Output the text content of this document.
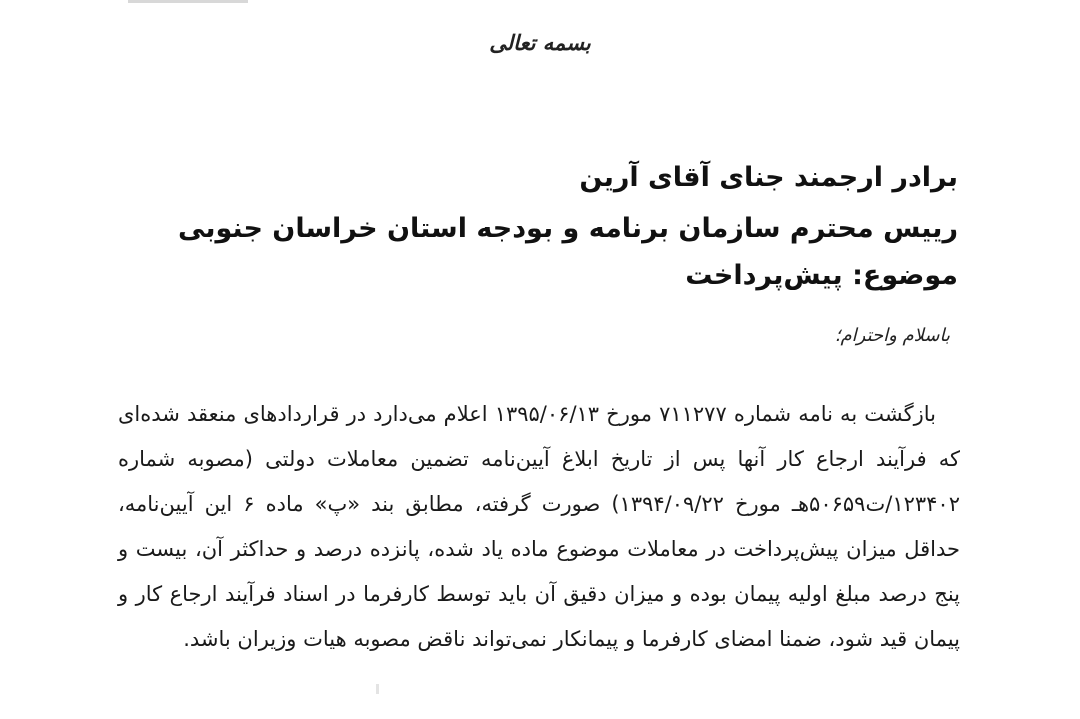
بسمه تعالی
برادر ارجمند جنای آقای آرین
رییس محترم سازمان برنامه و بودجه استان خراسان جنوبی
موضوع: پیش‌پرداخت
باسلام واحترام؛
بازگشت به نامه شماره ۷۱۱۲۷۷ مورخ ۱۳۹۵/۰۶/۱۳ اعلام می‌دارد در قراردادهای منعقد شده‌ای که فرآیند ارجاع کار آنها پس از تاریخ ابلاغ آیین‌نامه تضمین معاملات دولتی (مصوبه شماره ۱۲۳۴۰۲/ت۵۰۶۵۹هـ مورخ ۱۳۹۴/۰۹/۲۲) صورت گرفته، مطابق بند «پ» ماده ۶ این آیین‌نامه، حداقل میزان پیش‌پرداخت در معاملات موضوع ماده یاد شده، پانزده درصد و حداکثر آن، بیست و پنج درصد مبلغ اولیه پیمان بوده و میزان دقیق آن باید توسط کارفرما در اسناد فرآیند ارجاع کار و پیمان قید شود، ضمنا امضای کارفرما و پیمانکار نمی‌تواند ناقض مصوبه هیات وزیران باشد.
